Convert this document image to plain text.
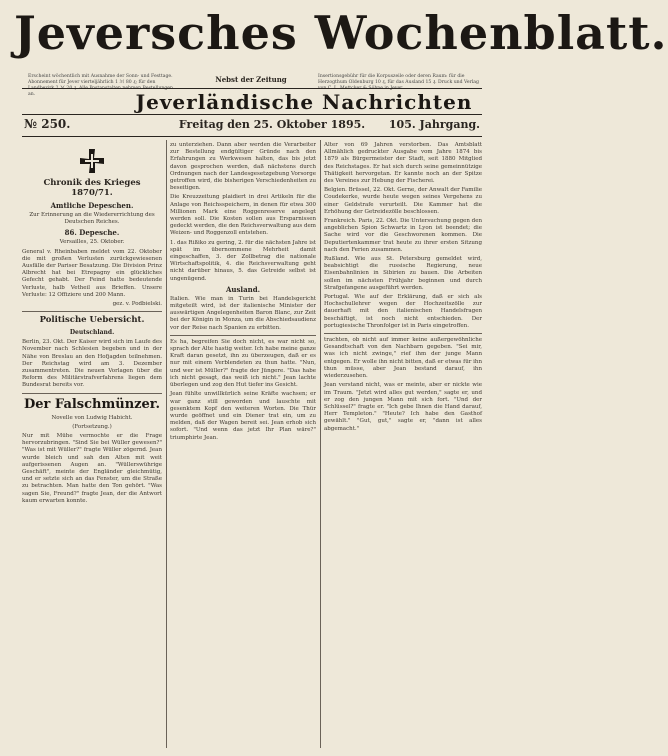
Jeversches Wochenblatt.
Erscheint wöchentlich mit Ausnahme der Sonn- und Festtage. Abonnement für Jever vierteljährlich 1 ℳ 80 ₰; für den Landbezirk 2 ℳ 20 ₰. Alle Postanstalten nehmen Bestellungen an.
Nebst der Zeitung	Insertionsgebühr für die Korpuszeile oder deren Raum: für die Herzogthum Oldenburg 10 ₰, für das Ausland 15 ₰. Druck und Verlag von C. L. Mettcker & Söhne in Jever.
Jeverländische Nachrichten
№ 250.	Freitag den 25. Oktober 1895.	105. Jahrgang.
Chronik des Krieges 1870/71.
Amtliche Depeschen.
Zur Erinnerung an die Wiedererrichtung des Deutschen Reiches.
86. Depesche.
Versailles, 25. Oktober.
General v. Rheinbaben meldet vom 22. Oktober die mit großen Verlusten zurückgewiesenen Ausfälle der Pariser Besatzung. Die Division Prinz Albrecht hat bei Etrepagny ein glückliches Gefecht gehabt. Der Feind hatte bedeutende Verluste, halb Vetheil aus Brieffen. Unsere Verluste: 12 Offiziere und 200 Mann.
gez. v. Podbielski.
Politische Uebersicht.
Deutschland.
Berlin, 23. Okt. Der Kaiser wird sich im Laufe des November nach Schlesien begeben und in der Nähe von Breslau an den Hofjagden teilnehmen. Der Reichstag wird am 3. Dezember zusammentreten. Die neuen Vorlagen über die Reform des Militärstrafverfahrens liegen dem Bundesrat bereits vor.
Der Falschmünzer.
Novelle von Ludwig Habicht.
(Fortsetzung.)
Nur mit Mühe vermochte er die Frage hervorzubringen. "Sind Sie bei Wüller gewesen?" "Was ist mit Wüller?" fragte Wüller zögernd. Jean wurde bleich und sah den Alten mit weit aufgerissenen Augen an. "Wüllerswührige Geschäft", meinte der Engländer gleichmütig, und er setzte sich an das Fenster, um die Straße zu betrachten. Man hatte den Ton gehört. "Was sagen Sie, Freund?" fragte Jean, der die Antwort kaum erwarten konnte.
zu unterziehen. Dann aber werden die Verarbeiter zur Bestellung endgültiger Gründe nach den Erfahrungen zu Werkwesen halten, das bis jetzt davon gesprochen werden, daß nächstens durch Ordnungen nach der Landesgesetzgebung Vorsorge getroffen wird, die bisherigen Verschiedenheiten zu beseitigen.
Die Kreuzzeitung plaidiert in drei Artikeln für die Anlage von Reichsspeichern, in denen für etwa 300 Millionen Mark eine Roggenreserve angelegt werden soll. Die Kosten sollen aus Ersparnissen gedeckt werden, die den Reichsverwaltung aus dem Weizen- und Roggenzoll entstehen.
1. das Rißiko zu gering, 2. für die nächsten Jahre ist spät im übernommene Mehrheit damit eingeschaffen, 3. der Zollbetrag die nationale Wirtschaftspolitik, 4. die Reichsverwaltung geht nicht darüber hinaus, 5. das Getreide selbst ist ungenügend.
Ausland.
Italien. Wie man in Turin bei Handelsgericht mitgeteilt wird, ist der italienische Minister der auswärtigen Angelegenheiten Baron Blanc, zur Zeit bei der Königin in Monza, um die Abschiedsaudienz vor der Reise nach Spanien zu erbitten.
Es ha, begreifen Sie doch nicht, es war nicht so, sprach der Alte hastig weiter. Ich habe meine ganze Kraft daran gesetzt, ihn zu überzeugen, daß er es nur mit einem Verblendeten zu thun hatte. "Nun, und wer ist Müller?" fragte der Jüngere. "Das habe ich nicht gesagt, das weiß ich nicht." Jean lachte überlegen und zog den Hut tiefer ins Gesicht.
Jean fühlte unwillkürlich seine Kräfte wachsen; er war ganz still geworden und lauschte mit gesenktem Kopf den weiteren Worten. Die Thür wurde geöffnet und ein Diener trat ein, um zu melden, daß der Wagen bereit sei. Jean erhob sich sofort. "Und wenn das jetzt Ihr Plan wäre?" triumphirte Jean.
Alter von 69 Jahren verstorben. Das Amtsblatt Allmählich gedruckter Ausgabe vom Jahre 1874 bis 1879 als Bürgermeister der Stadt, seit 1880 Mitglied des Reichstages. Er hat sich durch seine gemeinnützige Thätigkeit hervorgetan. Er kannte noch an der Spitze des Vereines zur Hebung der Fischerei.
Belgien. Brüssel, 22. Okt. Gerne, der Anwalt der Familie Coudekerke, wurde heute wegen seines Vergehens zu einer Geldstrafe verurteilt. Die Kammer hat die Erhöhung der Getreidezölle beschlossen.
Frankreich. Paris, 22. Okt. Die Untersuchung gegen den angeblichen Spion Schwartz in Lyon ist beendet; die Sache wird vor die Geschworenen kommen. Die Deputiertenkammer trat heute zu ihrer ersten Sitzung nach den Ferien zusammen.
Rußland. Wie aus St. Petersburg gemeldet wird, beabsichtigt die russische Regierung, neue Eisenbahnlinien in Sibirien zu bauen. Die Arbeiten sollen im nächsten Frühjahr beginnen und durch Strafgefangene ausgeführt werden.
Portugal. Wie auf der Erklärung, daß er sich als Hochschullehrer wegen der Hochzeitszölle zur dauerhaft mit den italienischen Handelsfragen beschäftigt, ist noch nicht entschieden. Der portugiesische Thronfolger ist in Paris eingetroffen.
trachten, ob nicht auf immer keine außergewöhnliche Gesandtschaft von den Nachbarn gegeben. "Sei mir, was ich nicht zwinge," rief ihm der junge Mann entgegen. Er wolle ihn nicht bitten, daß er etwas für ihn thun müsse, aber Jean bestand darauf, ihn wiederzusehen.
Jean verstand nicht, was er meinte, aber er nickte wie im Traum. "Jetzt wird alles gut werden," sagte er, und er zog den jungen Mann mit sich fort. "Und der Schlüssel?" fragte er. "Ich gebe Ihnen die Hand darauf, Herr Templeton." "Heute? Ich habe den Gasthof gewählt." "Gut, gut," sagte er, "dann ist alles abgemacht."
